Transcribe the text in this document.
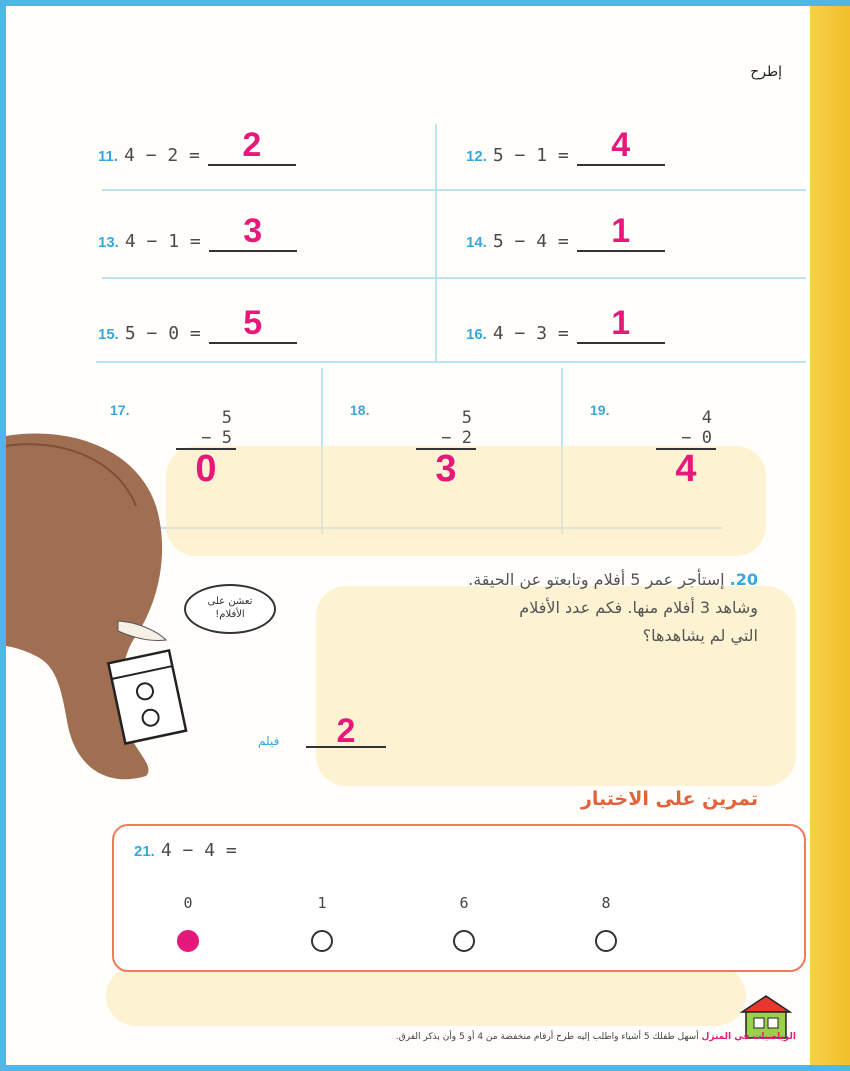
إطرح
11. 4 − 2 =	2	12. 5 − 1 =	4
13. 4 − 1 =	3	14. 5 − 4 =	1
15. 5 − 0 =	5	16. 4 − 3 =	1
17.	5
− 5
0
18.	5
− 2
3
19.	4
− 0
4
تعشن على
الأفلام!
20. إستأجر عمر 5 أفلام وتابعتو عن الحيقة.
وشاهد 3 أفلام منها. فكم عدد الأفلام
التي لم يشاهدها؟
فيلم	2
تمرين على الاختبار
21. 4 − 4 =
0	1	6	8
الرياضيات في المنزل أسهل طفلك 5 أشياء واطلب إليه طرح أرقام منخفضة من 4 أو 5 وأن يذكر الفرق.
